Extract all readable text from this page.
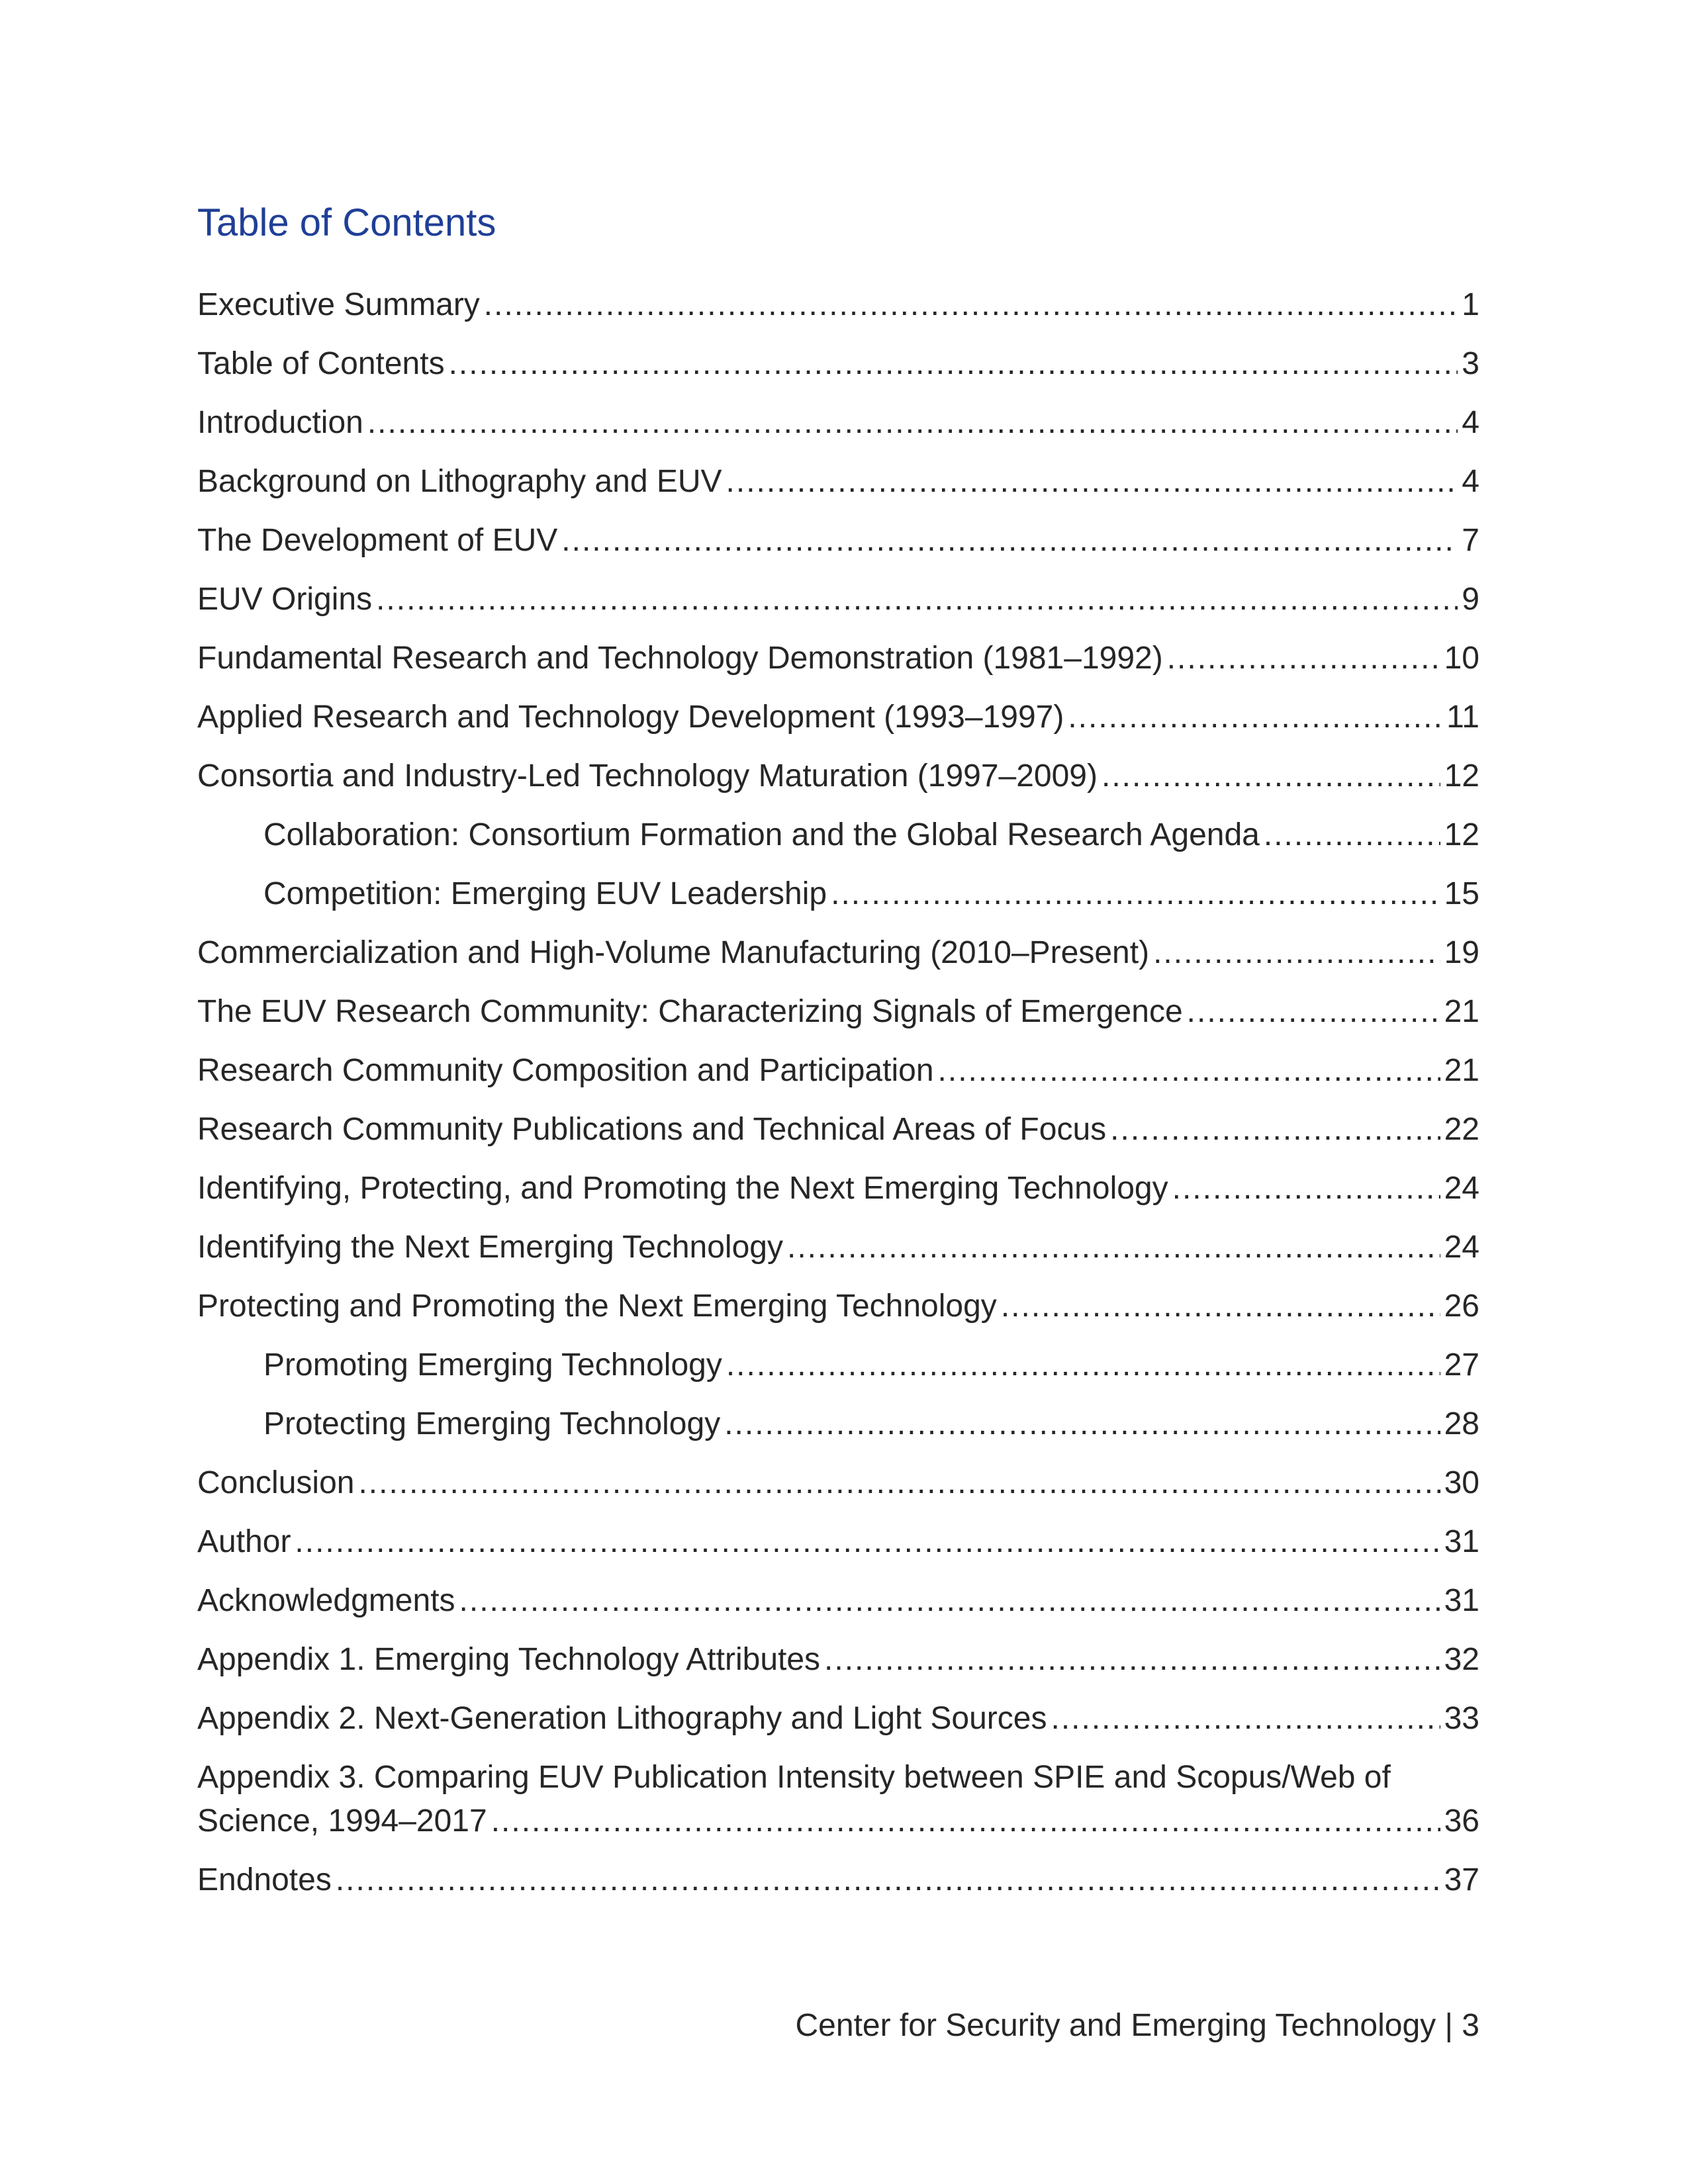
Table of Contents
Executive Summary .....	1
Table of Contents .....	3
Introduction .....	4
Background on Lithography and EUV .....	4
The Development of EUV .....	7
EUV Origins .....	9
Fundamental Research and Technology Demonstration (1981–1992) .....	10
Applied Research and Technology Development (1993–1997) .....	11
Consortia and Industry-Led Technology Maturation (1997–2009) .....	12
Collaboration: Consortium Formation and the Global Research Agenda .....	12
Competition: Emerging EUV Leadership .....	15
Commercialization and High-Volume Manufacturing (2010–Present) .....	19
The EUV Research Community: Characterizing Signals of Emergence .....	21
Research Community Composition and Participation .....	21
Research Community Publications and Technical Areas of Focus .....	22
Identifying, Protecting, and Promoting the Next Emerging Technology .....	24
Identifying the Next Emerging Technology .....	24
Protecting and Promoting the Next Emerging Technology .....	26
Promoting Emerging Technology .....	27
Protecting Emerging Technology .....	28
Conclusion .....	30
Author .....	31
Acknowledgments .....	31
Appendix 1. Emerging Technology Attributes .....	32
Appendix 2. Next-Generation Lithography and Light Sources .....	33
Appendix 3. Comparing EUV Publication Intensity between SPIE and Scopus/Web of
Science, 1994–2017 .....	36
Endnotes .....	37
Center for Security and Emerging Technology | 3
